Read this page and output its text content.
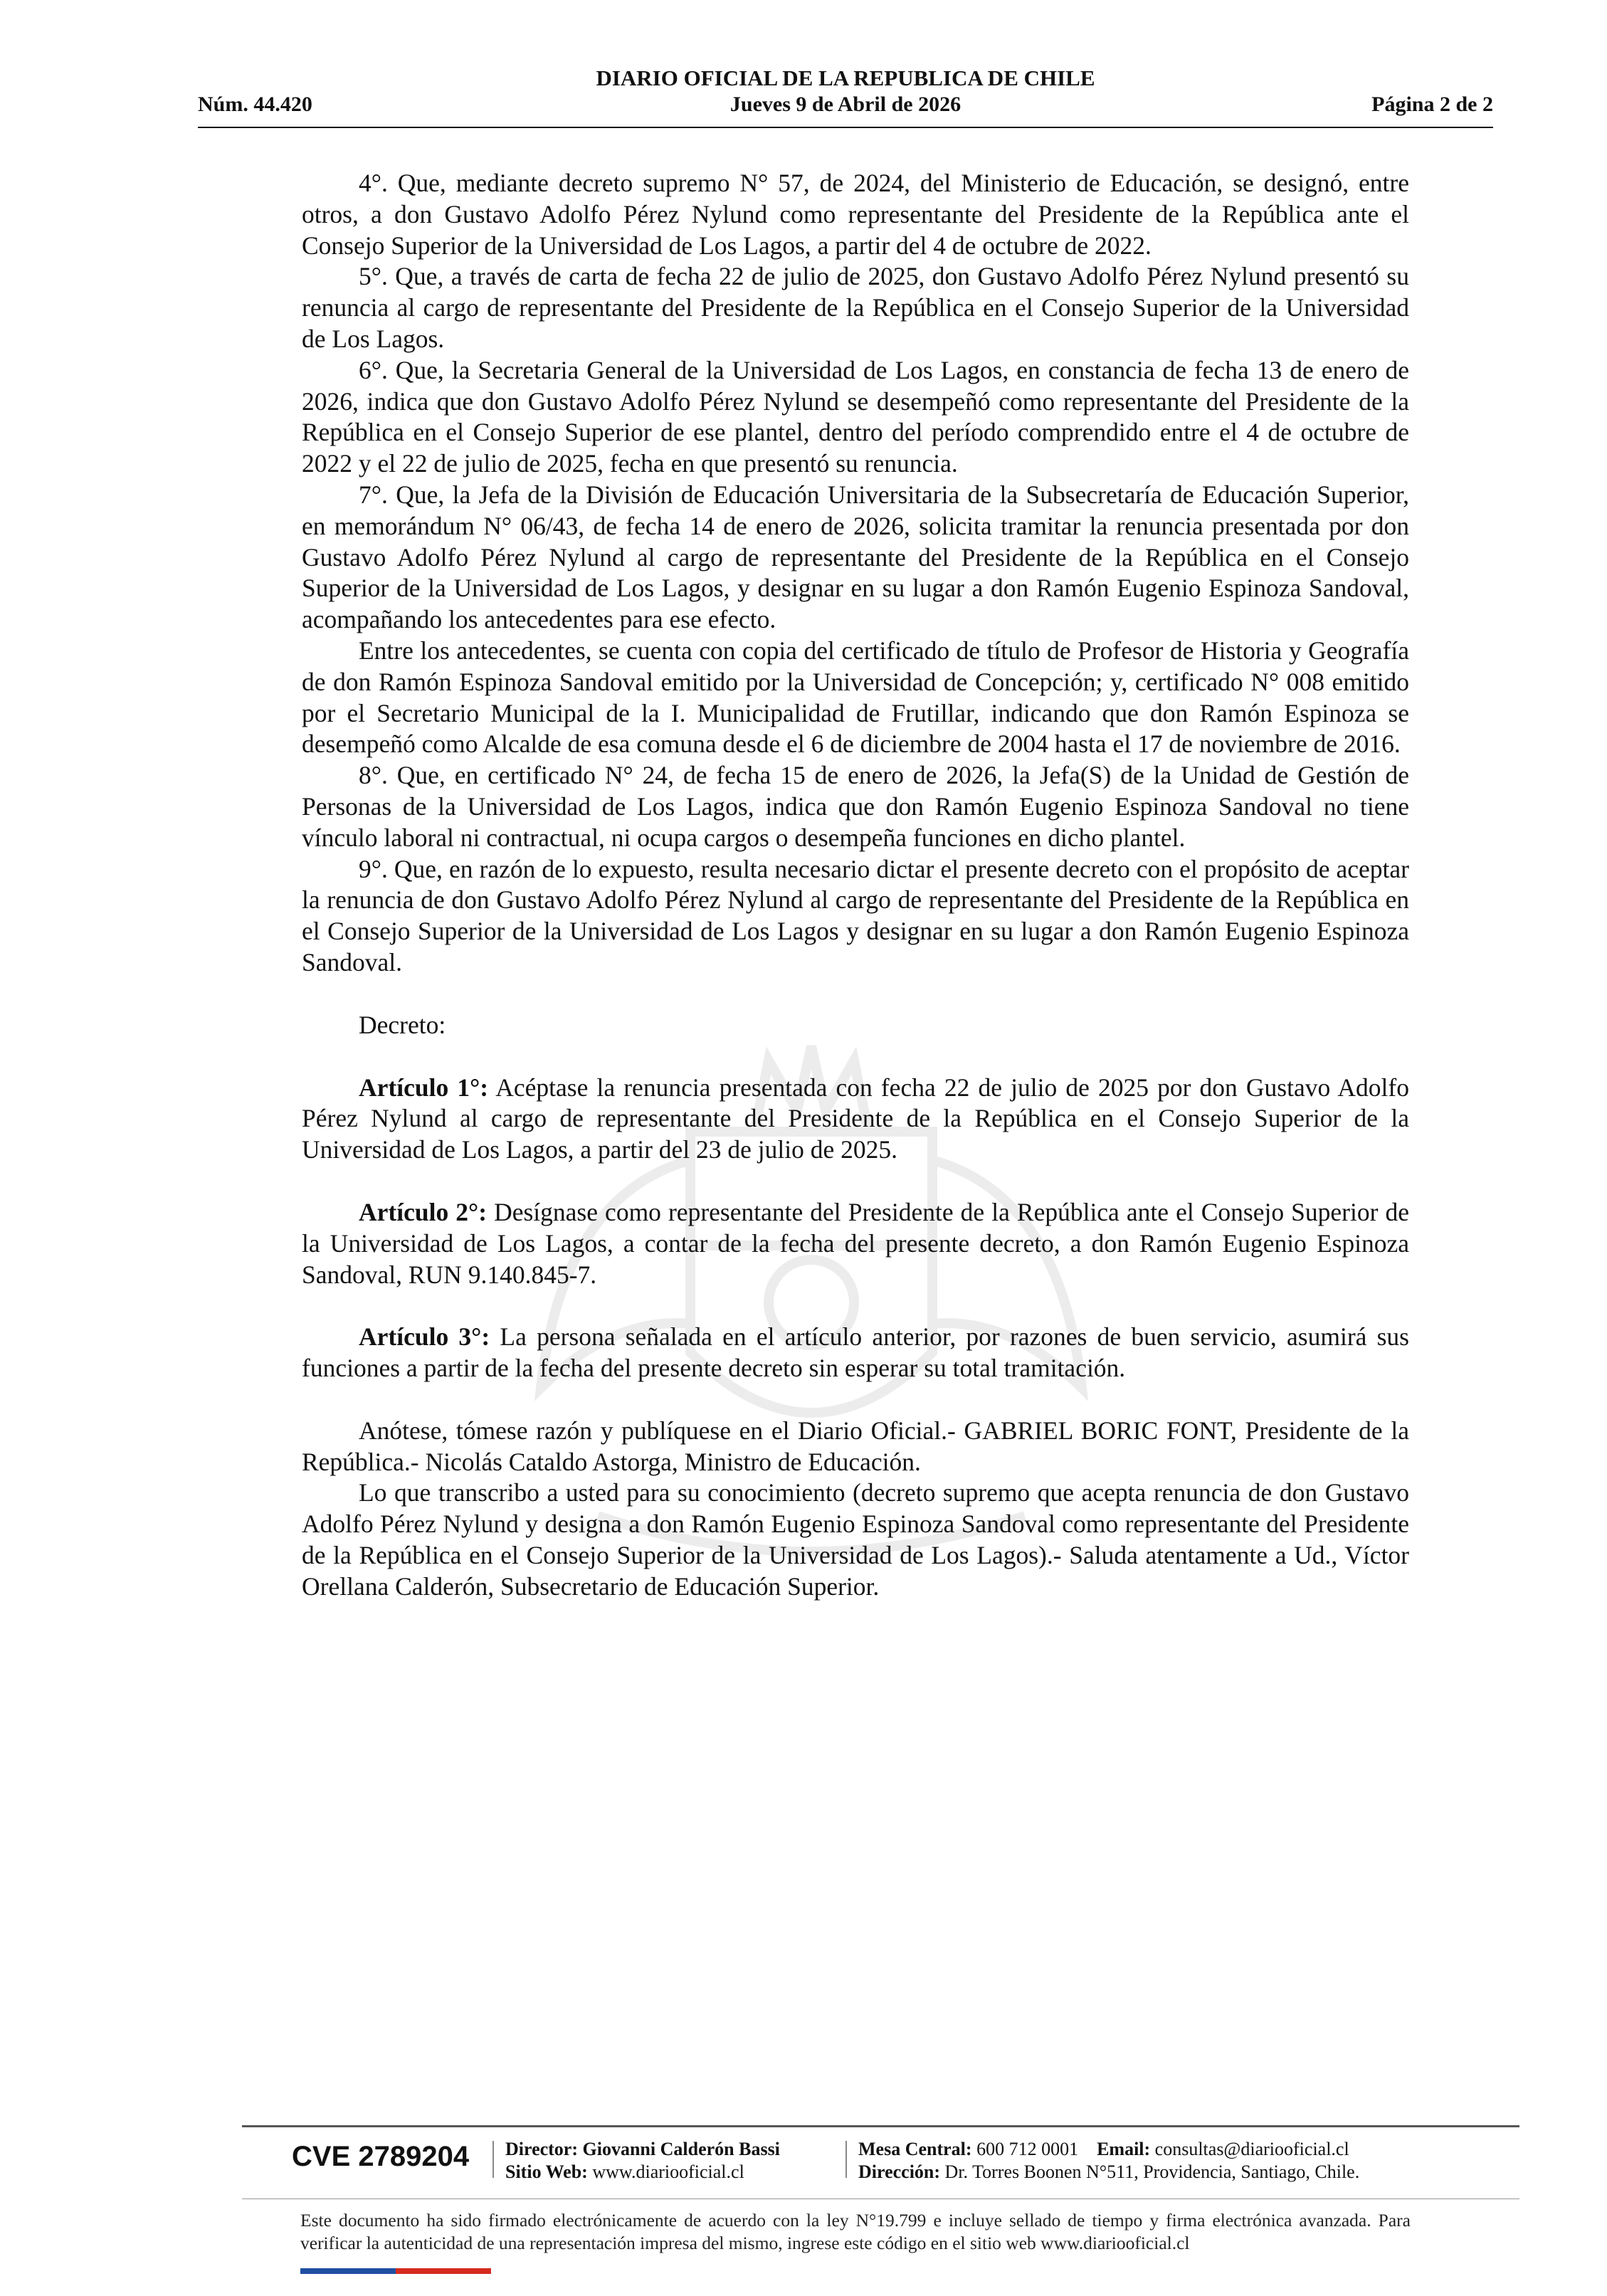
DIARIO OFICIAL DE LA REPUBLICA DE CHILE
Núm. 44.420	Jueves 9 de Abril de 2026	Página 2 de 2

4°. Que, mediante decreto supremo N° 57, de 2024, del Ministerio de Educación, se designó, entre otros, a don Gustavo Adolfo Pérez Nylund como representante del Presidente de la República ante el Consejo Superior de la Universidad de Los Lagos, a partir del 4 de octubre de 2022.

5°. Que, a través de carta de fecha 22 de julio de 2025, don Gustavo Adolfo Pérez Nylund presentó su renuncia al cargo de representante del Presidente de la República en el Consejo Superior de la Universidad de Los Lagos.

6°. Que, la Secretaria General de la Universidad de Los Lagos, en constancia de fecha 13 de enero de 2026, indica que don Gustavo Adolfo Pérez Nylund se desempeñó como representante del Presidente de la República en el Consejo Superior de ese plantel, dentro del período comprendido entre el 4 de octubre de 2022 y el 22 de julio de 2025, fecha en que presentó su renuncia.

7°. Que, la Jefa de la División de Educación Universitaria de la Subsecretaría de Educación Superior, en memorándum N° 06/43, de fecha 14 de enero de 2026, solicita tramitar la renuncia presentada por don Gustavo Adolfo Pérez Nylund al cargo de representante del Presidente de la República en el Consejo Superior de la Universidad de Los Lagos, y designar en su lugar a don Ramón Eugenio Espinoza Sandoval, acompañando los antecedentes para ese efecto.

Entre los antecedentes, se cuenta con copia del certificado de título de Profesor de Historia y Geografía de don Ramón Espinoza Sandoval emitido por la Universidad de Concepción; y, certificado N° 008 emitido por el Secretario Municipal de la I. Municipalidad de Frutillar, indicando que don Ramón Espinoza se desempeñó como Alcalde de esa comuna desde el 6 de diciembre de 2004 hasta el 17 de noviembre de 2016.

8°. Que, en certificado N° 24, de fecha 15 de enero de 2026, la Jefa(S) de la Unidad de Gestión de Personas de la Universidad de Los Lagos, indica que don Ramón Eugenio Espinoza Sandoval no tiene vínculo laboral ni contractual, ni ocupa cargos o desempeña funciones en dicho plantel.

9°. Que, en razón de lo expuesto, resulta necesario dictar el presente decreto con el propósito de aceptar la renuncia de don Gustavo Adolfo Pérez Nylund al cargo de representante del Presidente de la República en el Consejo Superior de la Universidad de Los Lagos y designar en su lugar a don Ramón Eugenio Espinoza Sandoval.

Decreto:

Artículo 1°: Acéptase la renuncia presentada con fecha 22 de julio de 2025 por don Gustavo Adolfo Pérez Nylund al cargo de representante del Presidente de la República en el Consejo Superior de la Universidad de Los Lagos, a partir del 23 de julio de 2025.

Artículo 2°: Desígnase como representante del Presidente de la República ante el Consejo Superior de la Universidad de Los Lagos, a contar de la fecha del presente decreto, a don Ramón Eugenio Espinoza Sandoval, RUN 9.140.845-7.

Artículo 3°: La persona señalada en el artículo anterior, por razones de buen servicio, asumirá sus funciones a partir de la fecha del presente decreto sin esperar su total tramitación.

Anótese, tómese razón y publíquese en el Diario Oficial.- GABRIEL BORIC FONT, Presidente de la República.- Nicolás Cataldo Astorga, Ministro de Educación.

Lo que transcribo a usted para su conocimiento (decreto supremo que acepta renuncia de don Gustavo Adolfo Pérez Nylund y designa a don Ramón Eugenio Espinoza Sandoval como representante del Presidente de la República en el Consejo Superior de la Universidad de Los Lagos).- Saluda atentamente a Ud., Víctor Orellana Calderón, Subsecretario de Educación Superior.

CVE 2789204 Director: Giovanni Calderón Bassi
Sitio Web: www.diariooficial.cl
Mesa Central: 600 712 0001 Email: consultas@diariooficial.cl
Dirección: Dr. Torres Boonen N°511, Providencia, Santiago, Chile.
Este documento ha sido firmado electrónicamente de acuerdo con la ley N°19.799 e incluye sellado de tiempo y firma electrónica avanzada. Para verificar la autenticidad de una representación impresa del mismo, ingrese este código en el sitio web www.diariooficial.cl
